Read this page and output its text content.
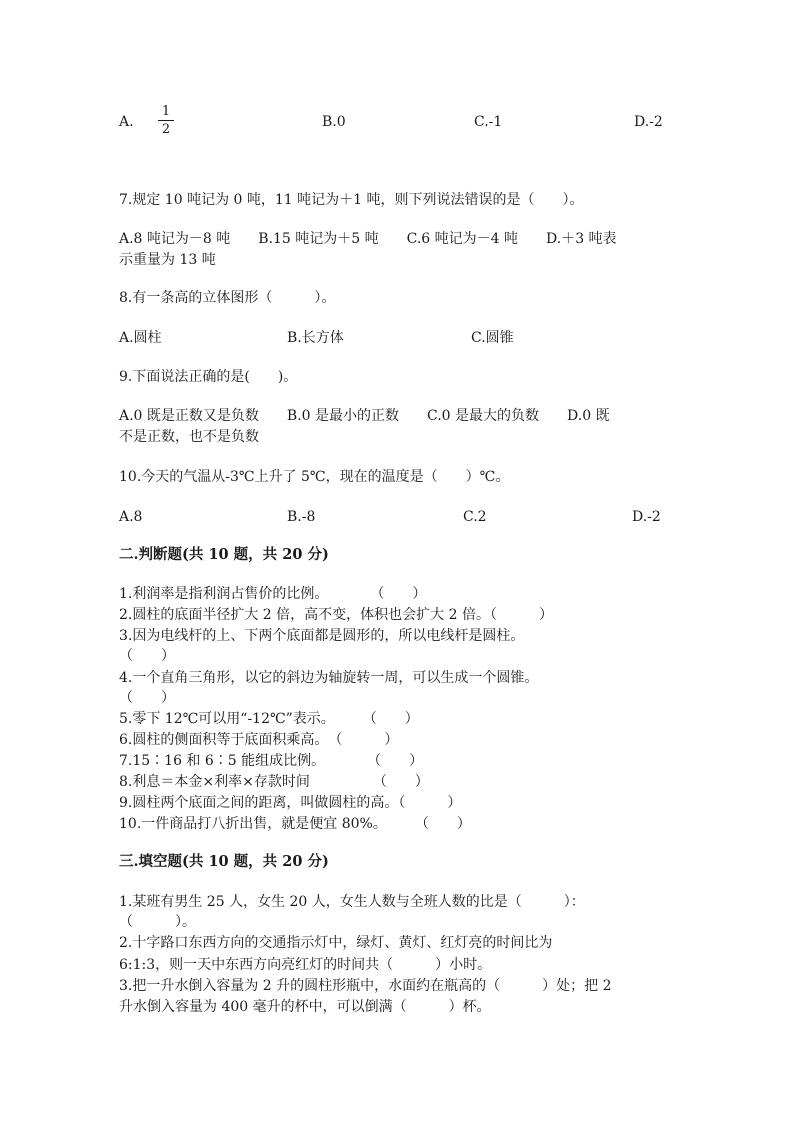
A.
1
2	B.0	C.-1	D.-2
7.规定 10 吨记为 0 吨，11 吨记为＋1 吨，则下列说法错误的是（　　）。
A.8 吨记为－8 吨　　B.15 吨记为＋5 吨　　C.6 吨记为－4 吨　　D.＋3 吨表
示重量为 13 吨
8.有一条高的立体图形（　　　）。
A.圆柱	B.长方体	C.圆锥
9.下面说法正确的是(　　)。
A.0 既是正数又是负数　　B.0 是最小的正数　　C.0 是最大的负数　　D.0 既
不是正数，也不是负数
10.今天的气温从-3℃上升了 5℃，现在的温度是（　　）℃。
A.8	B.-8	C.2	D.-2
二.判断题(共 10 题，共 20 分)
1.利润率是指利润占售价的比例。　　　　（　　）
2.圆柱的底面半径扩大 2 倍，高不变，体积也会扩大 2 倍。（　　　）
3.因为电线杆的上、下两个底面都是圆形的，所以电线杆是圆柱。
（　　）
4.一个直角三角形，以它的斜边为轴旋转一周，可以生成一个圆锥。
（　　）
5.零下 12℃可以用“-12℃”表示。　　　（　　）
6.圆柱的侧面积等于底面积乘高。　（　　　）
7.15∶16 和 6∶5 能组成比例。　　　　（　　）
8.利息＝本金×利率×存款时间　　　　　（　　）
9.圆柱两个底面之间的距离，叫做圆柱的高。（　　　）
10.一件商品打八折出售，就是便宜 80%。　　　（　　）
三.填空题(共 10 题，共 20 分)
1.某班有男生 25 人，女生 20 人，女生人数与全班人数的比是（　　　）：
（　　　）。
2.十字路口东西方向的交通指示灯中，绿灯、黄灯、红灯亮的时间比为
6:1:3，则一天中东西方向亮红灯的时间共（　　　）小时。
3.把一升水倒入容量为 2 升的圆柱形瓶中，水面约在瓶高的（　　　）处；把 2
升水倒入容量为 400 毫升的杯中，可以倒满（　　　）杯。
